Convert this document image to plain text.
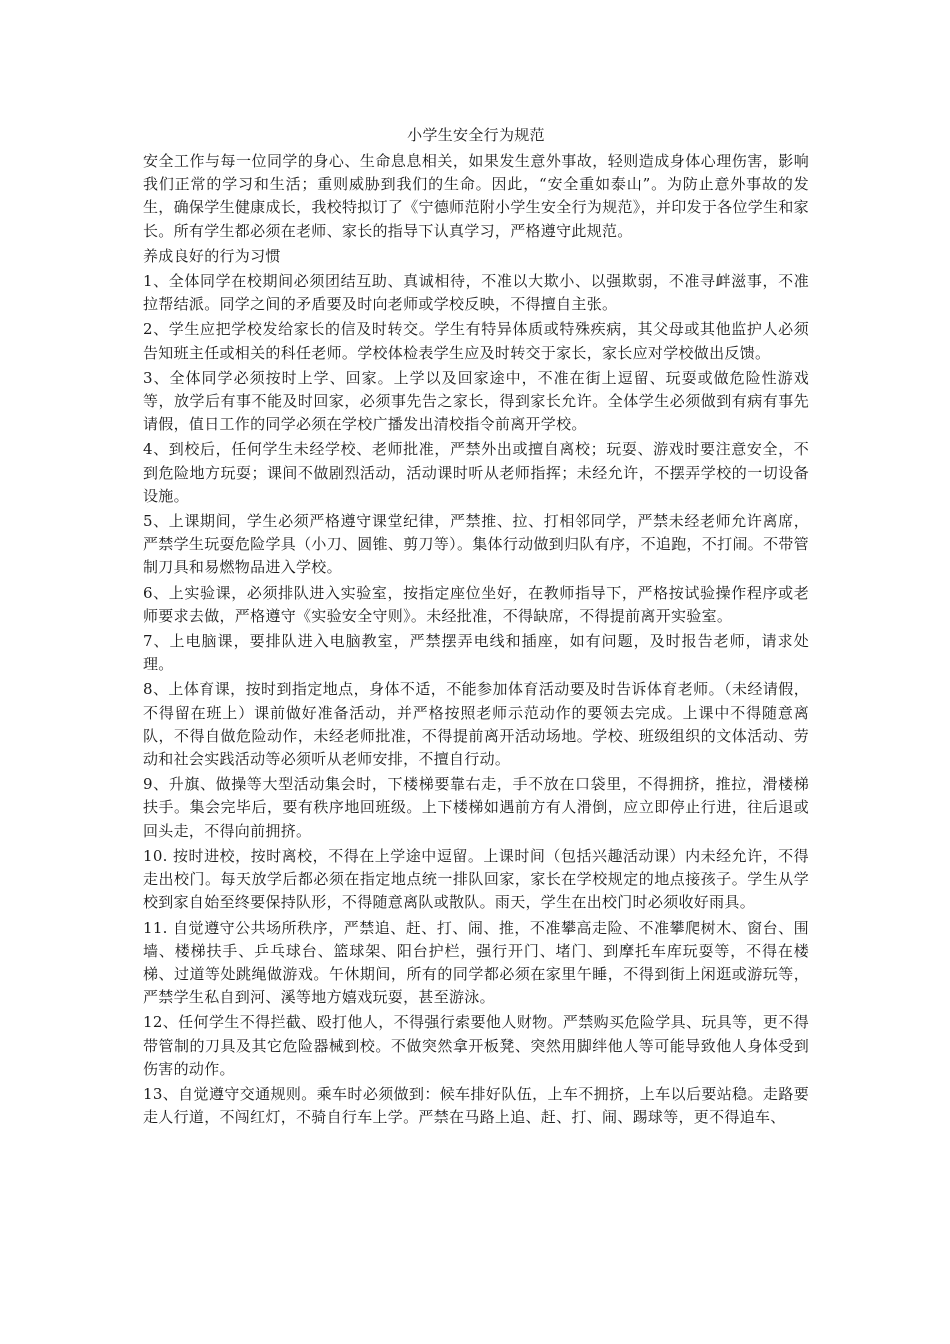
小学生安全行为规范

安全工作与每一位同学的身心、生命息息相关，如果发生意外事故，轻则造成身体心理伤害，影响我们正常的学习和生活；重则威胁到我们的生命。因此，“安全重如泰山”。为防止意外事故的发生，确保学生健康成长，我校特拟订了《宁德师范附小学生安全行为规范》，并印发于各位学生和家长。所有学生都必须在老师、家长的指导下认真学习，严格遵守此规范。

养成良好的行为习惯

1、全体同学在校期间必须团结互助、真诚相待，不准以大欺小、以强欺弱，不准寻衅滋事，不准拉帮结派。同学之间的矛盾要及时向老师或学校反映，不得擅自主张。

2、学生应把学校发给家长的信及时转交。学生有特异体质或特殊疾病，其父母或其他监护人必须告知班主任或相关的科任老师。学校体检表学生应及时转交于家长，家长应对学校做出反馈。

3、全体同学必须按时上学、回家。上学以及回家途中，不准在街上逗留、玩耍或做危险性游戏等，放学后有事不能及时回家，必须事先告之家长，得到家长允许。全体学生必须做到有病有事先请假，值日工作的同学必须在学校广播发出清校指令前离开学校。

4、到校后，任何学生未经学校、老师批准，严禁外出或擅自离校；玩耍、游戏时要注意安全，不到危险地方玩耍；课间不做剧烈活动，活动课时听从老师指挥；未经允许，不摆弄学校的一切设备设施。

5、上课期间，学生必须严格遵守课堂纪律，严禁推、拉、打相邻同学，严禁未经老师允许离席，严禁学生玩耍危险学具（小刀、圆锥、剪刀等）。集体行动做到归队有序，不追跑，不打闹。不带管制刀具和易燃物品进入学校。

6、上实验课，必须排队进入实验室，按指定座位坐好，在教师指导下，严格按试验操作程序或老师要求去做，严格遵守《实验安全守则》。未经批准，不得缺席，不得提前离开实验室。

7、上电脑课，要排队进入电脑教室，严禁摆弄电线和插座，如有问题，及时报告老师，请求处理。

8、上体育课，按时到指定地点，身体不适，不能参加体育活动要及时告诉体育老师。（未经请假，不得留在班上）课前做好准备活动，并严格按照老师示范动作的要领去完成。上课中不得随意离队，不得自做危险动作，未经老师批准，不得提前离开活动场地。学校、班级组织的文体活动、劳动和社会实践活动等必须听从老师安排，不擅自行动。

9、升旗、做操等大型活动集会时，下楼梯要靠右走，手不放在口袋里，不得拥挤，推拉，滑楼梯扶手。集会完毕后，要有秩序地回班级。上下楼梯如遇前方有人滑倒，应立即停止行进，往后退或回头走，不得向前拥挤。

10. 按时进校，按时离校，不得在上学途中逗留。上课时间（包括兴趣活动课）内未经允许，不得走出校门。每天放学后都必须在指定地点统一排队回家，家长在学校规定的地点接孩子。学生从学校到家自始至终要保持队形，不得随意离队或散队。雨天，学生在出校门时必须收好雨具。

11. 自觉遵守公共场所秩序，严禁追、赶、打、闹、推，不准攀高走险、不准攀爬树木、窗台、围墙、楼梯扶手、乒乓球台、篮球架、阳台护栏，强行开门、堵门、到摩托车库玩耍等，不得在楼梯、过道等处跳绳做游戏。午休期间，所有的同学都必须在家里午睡，不得到街上闲逛或游玩等，严禁学生私自到河、溪等地方嬉戏玩耍，甚至游泳。

12、任何学生不得拦截、殴打他人，不得强行索要他人财物。严禁购买危险学具、玩具等，更不得带管制的刀具及其它危险器械到校。不做突然拿开板凳、突然用脚绊他人等可能导致他人身体受到伤害的动作。

13、自觉遵守交通规则。乘车时必须做到：候车排好队伍，上车不拥挤，上车以后要站稳。走路要走人行道，不闯红灯，不骑自行车上学。严禁在马路上追、赶、打、闹、踢球等，更不得追车、
